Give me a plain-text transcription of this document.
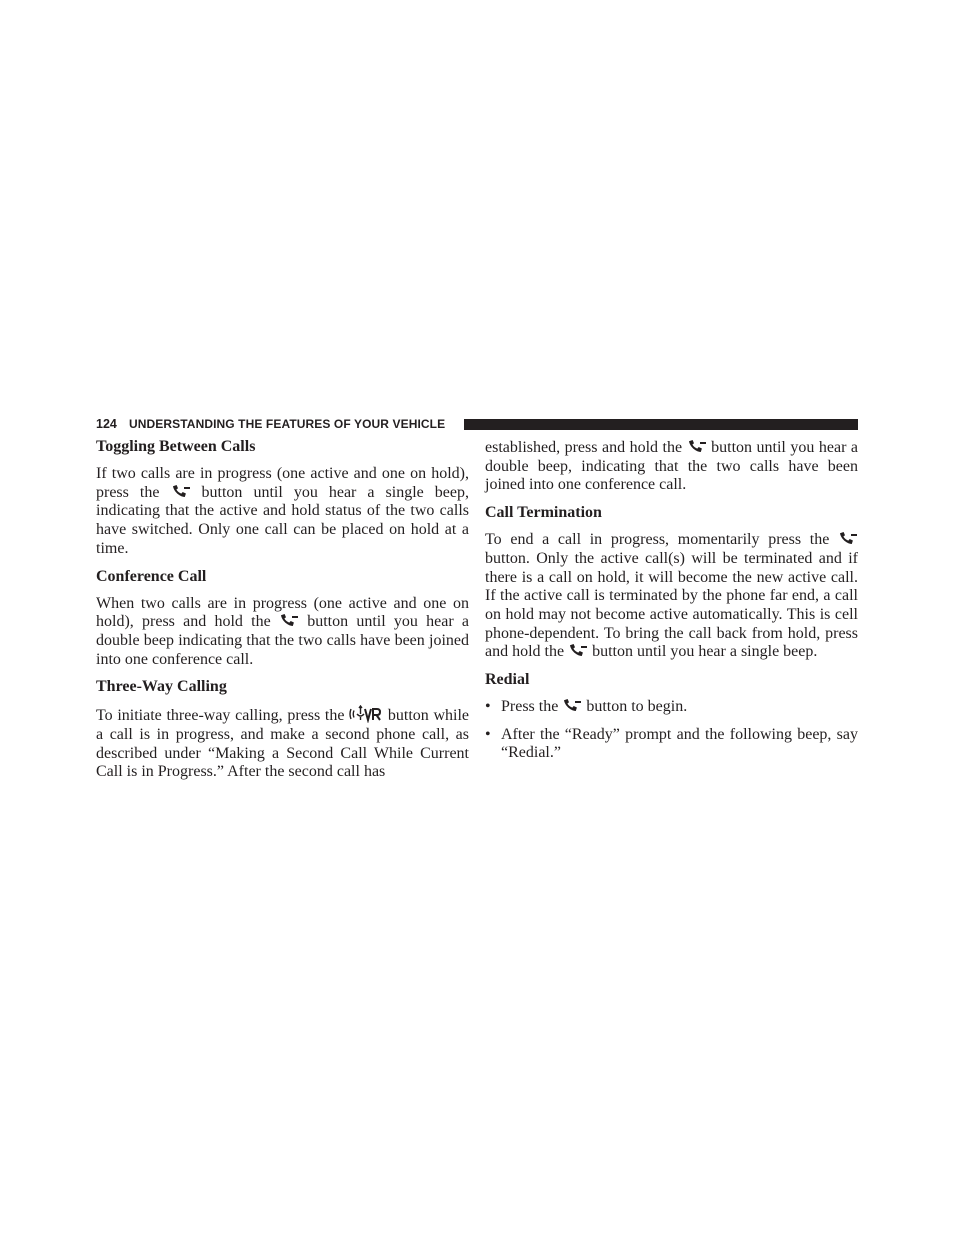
124 UNDERSTANDING THE FEATURES OF YOUR VEHICLE
Toggling Between Calls

If two calls are in progress (one active and one on hold), press the	button until you hear a single beep, indicating that the active and hold status of the two calls have switched. Only one call can be placed on hold at a time.

Conference Call

When two calls are in progress (one active and one on hold), press and hold the button until you hear a double beep indicating that the two calls have been joined into one conference call.

Three-Way Calling

To initiate three-way calling, press the	button while a call is in progress, and make a second phone call, as described under “Making a Second Call While Current Call is in Progress.” After the second call has

established, press and hold the button until you hear a double beep, indicating that the two calls have been joined into one conference call.

Call Termination

To end a call in progress, momentarily press the  button. Only the active call(s) will be terminated and if there is a call on hold, it will become the new active call. If the active call is terminated by the phone far end, a call on hold may not become active automatically. This is cell phone-dependent. To bring the call back from hold, press and hold the button until you hear a single beep.

Redial
• Press the button to begin.
• After the “Ready” prompt and the following beep, say “Redial.”
